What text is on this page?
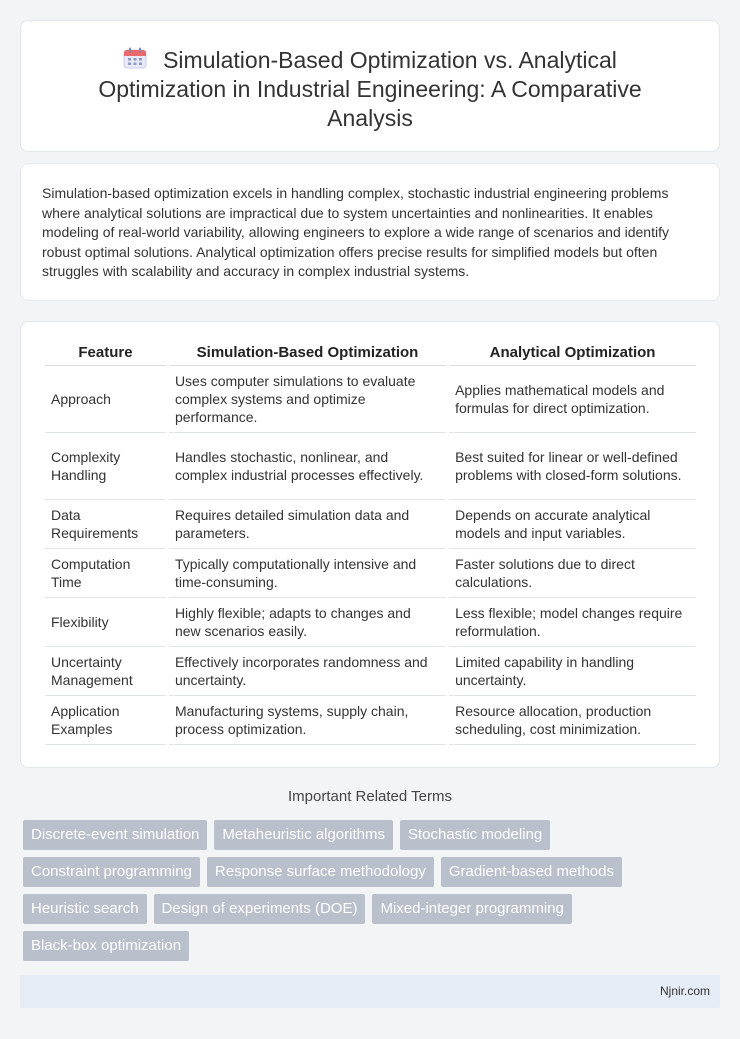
Simulation-Based Optimization vs. Analytical Optimization in Industrial Engineering: A Comparative Analysis

Simulation-based optimization excels in handling complex, stochastic industrial engineering problems where analytical solutions are impractical due to system uncertainties and nonlinearities. It enables modeling of real-world variability, allowing engineers to explore a wide range of scenarios and identify robust optimal solutions. Analytical optimization offers precise results for simplified models but often struggles with scalability and accuracy in complex industrial systems.

Feature	Simulation-Based Optimization	Analytical Optimization
Approach	Uses computer simulations to evaluate complex systems and optimize performance.	Applies mathematical models and formulas for direct optimization.
Complexity Handling	Handles stochastic, nonlinear, and complex industrial processes effectively.	Best suited for linear or well-defined problems with closed-form solutions.
Data Requirements	Requires detailed simulation data and parameters.	Depends on accurate analytical models and input variables.
Computation Time	Typically computationally intensive and time-consuming.	Faster solutions due to direct calculations.
Flexibility	Highly flexible; adapts to changes and new scenarios easily.	Less flexible; model changes require reformulation.
Uncertainty Management	Effectively incorporates randomness and uncertainty.	Limited capability in handling uncertainty.
Application Examples	Manufacturing systems, supply chain, process optimization.	Resource allocation, production scheduling, cost minimization.
Important Related Terms
Discrete-event simulation	Metaheuristic algorithms	Stochastic modeling
Constraint programming	Response surface methodology	Gradient-based methods
Heuristic search	Design of experiments (DOE)	Mixed-integer programming
Black-box optimization
Njnir.com
